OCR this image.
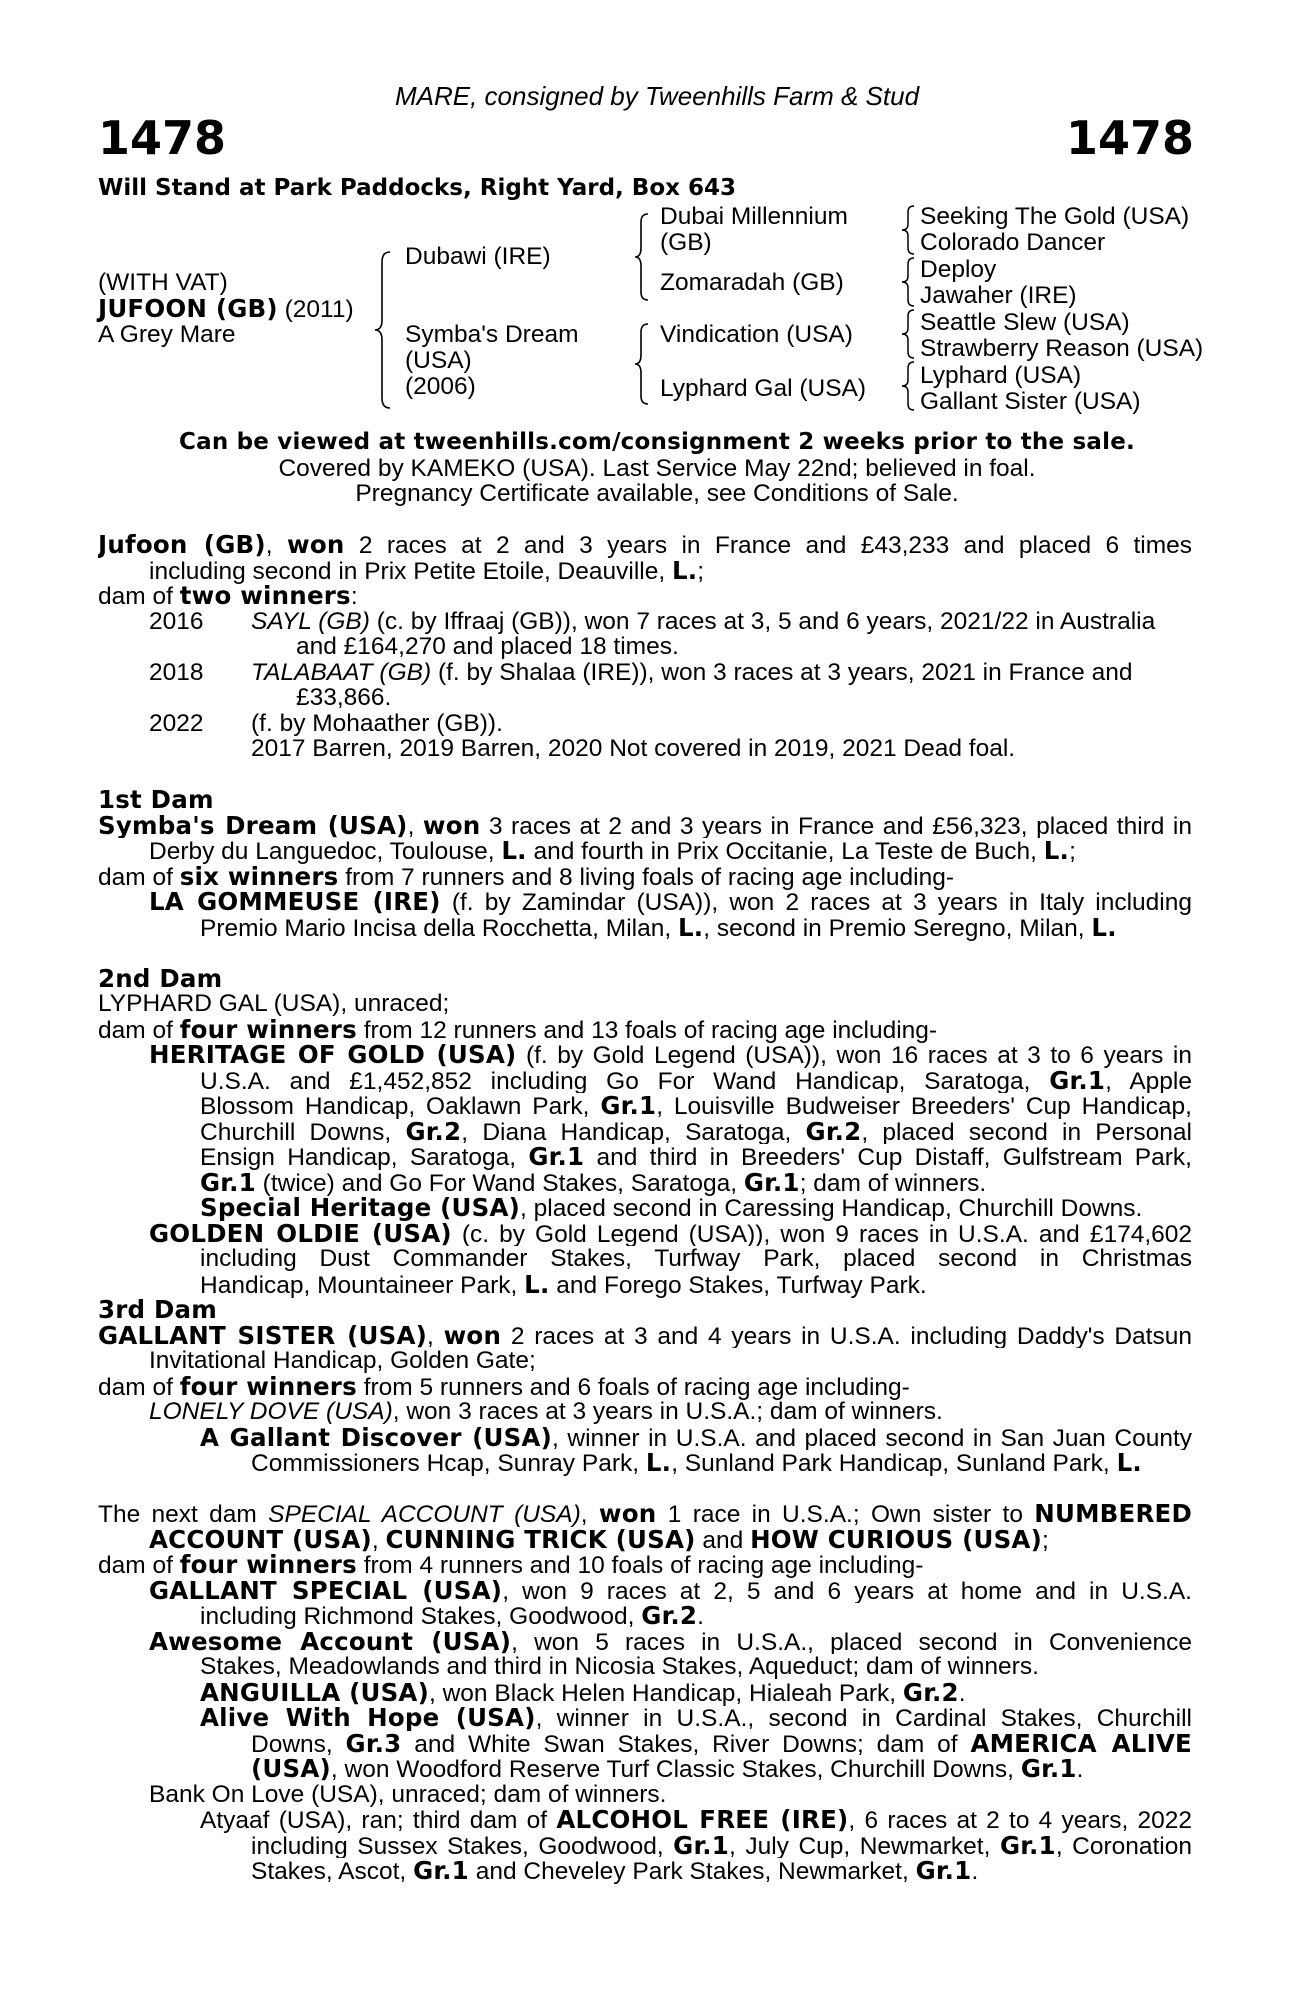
MARE, consigned by Tweenhills Farm & Stud
1478	1478
Will Stand at Park Paddocks, Right Yard, Box 643
(WITH VAT)
JUFOON (GB) (2011)
A Grey Mare
Dubawi (IRE)
Symba's Dream
(USA)
(2006)
Dubai Millennium
(GB)
Zomaradah (GB)
Vindication (USA)
Lyphard Gal (USA)
Seeking The Gold (USA)
Colorado Dancer
Deploy
Jawaher (IRE)
Seattle Slew (USA)
Strawberry Reason (USA)
Lyphard (USA)
Gallant Sister (USA)
Can be viewed at tweenhills.com/consignment 2 weeks prior to the sale.
Covered by KAMEKO (USA). Last Service May 22nd; believed in foal.
Pregnancy Certificate available, see Conditions of Sale.
Jufoon (GB), won 2 races at 2 and 3 years in France and £43,233 and placed 6 times
including second in Prix Petite Etoile, Deauville, L.;
dam of two winners:
2016 SAYL (GB) (c. by Iffraaj (GB)), won 7 races at 3, 5 and 6 years, 2021/22 in Australia
and £164,270 and placed 18 times.
2018 TALABAAT (GB) (f. by Shalaa (IRE)), won 3 races at 3 years, 2021 in France and
£33,866.
2022 (f. by Mohaather (GB)).
2017 Barren, 2019 Barren, 2020 Not covered in 2019, 2021 Dead foal.
1st Dam
Symba's Dream (USA), won 3 races at 2 and 3 years in France and £56,323, placed third in
Derby du Languedoc, Toulouse, L. and fourth in Prix Occitanie, La Teste de Buch, L.;
dam of six winners from 7 runners and 8 living foals of racing age including-
LA GOMMEUSE (IRE) (f. by Zamindar (USA)), won 2 races at 3 years in Italy including
Premio Mario Incisa della Rocchetta, Milan, L., second in Premio Seregno, Milan, L.
2nd Dam
LYPHARD GAL (USA), unraced;
dam of four winners from 12 runners and 13 foals of racing age including-
HERITAGE OF GOLD (USA) (f. by Gold Legend (USA)), won 16 races at 3 to 6 years in
U.S.A. and £1,452,852 including Go For Wand Handicap, Saratoga, Gr.1, Apple
Blossom Handicap, Oaklawn Park, Gr.1, Louisville Budweiser Breeders' Cup Handicap,
Churchill Downs, Gr.2, Diana Handicap, Saratoga, Gr.2, placed second in Personal
Ensign Handicap, Saratoga, Gr.1 and third in Breeders' Cup Distaff, Gulfstream Park,
Gr.1 (twice) and Go For Wand Stakes, Saratoga, Gr.1; dam of winners.
Special Heritage (USA), placed second in Caressing Handicap, Churchill Downs.
GOLDEN OLDIE (USA) (c. by Gold Legend (USA)), won 9 races in U.S.A. and £174,602
including Dust Commander Stakes, Turfway Park, placed second in Christmas
Handicap, Mountaineer Park, L. and Forego Stakes, Turfway Park.
3rd Dam
GALLANT SISTER (USA), won 2 races at 3 and 4 years in U.S.A. including Daddy's Datsun
Invitational Handicap, Golden Gate;
dam of four winners from 5 runners and 6 foals of racing age including-
LONELY DOVE (USA), won 3 races at 3 years in U.S.A.; dam of winners.
A Gallant Discover (USA), winner in U.S.A. and placed second in San Juan County
Commissioners Hcap, Sunray Park, L., Sunland Park Handicap, Sunland Park, L.
The next dam SPECIAL ACCOUNT (USA), won 1 race in U.S.A.; Own sister to NUMBERED
ACCOUNT (USA), CUNNING TRICK (USA) and HOW CURIOUS (USA);
dam of four winners from 4 runners and 10 foals of racing age including-
GALLANT SPECIAL (USA), won 9 races at 2, 5 and 6 years at home and in U.S.A.
including Richmond Stakes, Goodwood, Gr.2.
Awesome Account (USA), won 5 races in U.S.A., placed second in Convenience
Stakes, Meadowlands and third in Nicosia Stakes, Aqueduct; dam of winners.
ANGUILLA (USA), won Black Helen Handicap, Hialeah Park, Gr.2.
Alive With Hope (USA), winner in U.S.A., second in Cardinal Stakes, Churchill
Downs, Gr.3 and White Swan Stakes, River Downs; dam of AMERICA ALIVE
(USA), won Woodford Reserve Turf Classic Stakes, Churchill Downs, Gr.1.
Bank On Love (USA), unraced; dam of winners.
Atyaaf (USA), ran; third dam of ALCOHOL FREE (IRE), 6 races at 2 to 4 years, 2022
including Sussex Stakes, Goodwood, Gr.1, July Cup, Newmarket, Gr.1, Coronation
Stakes, Ascot, Gr.1 and Cheveley Park Stakes, Newmarket, Gr.1.
